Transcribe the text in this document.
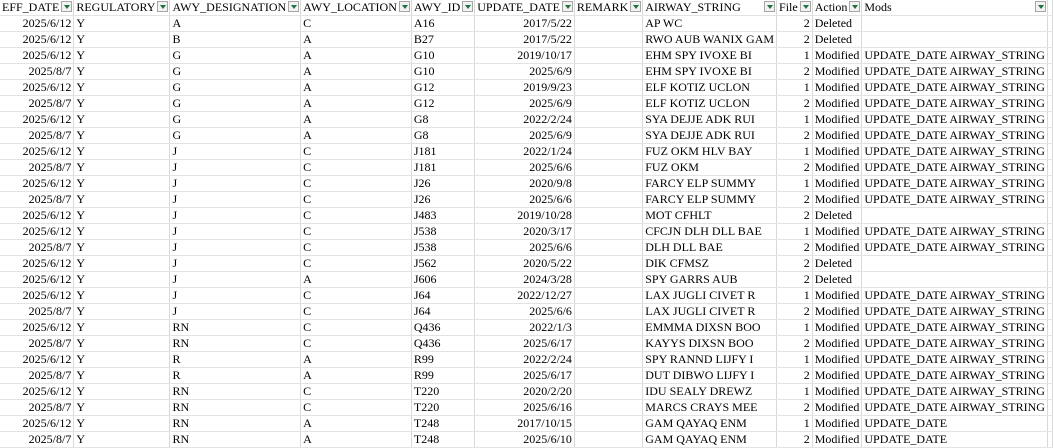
EFF_DATE	REGULATORY	AWY_DESIGNATION	AWY_LOCATION	AWY_ID	UPDATE_DATE	REMARK	AIRWAY_STRING	File	Action	Mods	

2025/6/12	Y	A	C	A16	2017/5/22		AP WC	2	Deleted		
2025/6/12	Y	B	A	B27	2017/5/22		RWO AUB WANIX GAM	2	Deleted		
2025/6/12	Y	G	A	G10	2019/10/17		EHM SPY IVOXE BI	1	Modified	UPDATE_DATE AIRWAY_STRING	
2025/8/7	Y	G	A	G10	2025/6/9		EHM SPY IVOXE BI	2	Modified	UPDATE_DATE AIRWAY_STRING	
2025/6/12	Y	G	A	G12	2019/9/23		ELF KOTIZ UCLON	1	Modified	UPDATE_DATE AIRWAY_STRING	
2025/8/7	Y	G	A	G12	2025/6/9		ELF KOTIZ UCLON	2	Modified	UPDATE_DATE AIRWAY_STRING	
2025/6/12	Y	G	A	G8	2022/2/24		SYA DEJJE ADK RUI	1	Modified	UPDATE_DATE AIRWAY_STRING	
2025/8/7	Y	G	A	G8	2025/6/9		SYA DEJJE ADK RUI	2	Modified	UPDATE_DATE AIRWAY_STRING	
2025/6/12	Y	J	C	J181	2022/1/24		FUZ OKM HLV BAY	1	Modified	UPDATE_DATE AIRWAY_STRING	
2025/8/7	Y	J	C	J181	2025/6/6		FUZ OKM	2	Modified	UPDATE_DATE AIRWAY_STRING	
2025/6/12	Y	J	C	J26	2020/9/8		FARCY ELP SUMMY	1	Modified	UPDATE_DATE AIRWAY_STRING	
2025/8/7	Y	J	C	J26	2025/6/6		FARCY ELP SUMMY	2	Modified	UPDATE_DATE AIRWAY_STRING	
2025/6/12	Y	J	C	J483	2019/10/28		MOT CFHLT	2	Deleted		
2025/6/12	Y	J	C	J538	2020/3/17		CFCJN DLH DLL BAE	1	Modified	UPDATE_DATE AIRWAY_STRING	
2025/8/7	Y	J	C	J538	2025/6/6		DLH DLL BAE	2	Modified	UPDATE_DATE AIRWAY_STRING	
2025/6/12	Y	J	C	J562	2020/5/22		DIK CFMSZ	2	Deleted		
2025/6/12	Y	J	A	J606	2024/3/28		SPY GARRS AUB	2	Deleted		
2025/6/12	Y	J	C	J64	2022/12/27		LAX JUGLI CIVET R	1	Modified	UPDATE_DATE AIRWAY_STRING	
2025/8/7	Y	J	C	J64	2025/6/6		LAX JUGLI CIVET R	2	Modified	UPDATE_DATE AIRWAY_STRING	
2025/6/12	Y	RN	C	Q436	2022/1/3		EMMMA DIXSN BOO	1	Modified	UPDATE_DATE AIRWAY_STRING	
2025/8/7	Y	RN	C	Q436	2025/6/17		KAYYS DIXSN BOO	2	Modified	UPDATE_DATE AIRWAY_STRING	
2025/6/12	Y	R	A	R99	2022/2/24		SPY RANND LIJFY I	1	Modified	UPDATE_DATE AIRWAY_STRING	
2025/8/7	Y	R	A	R99	2025/6/17		DUT DIBWO LIJFY I	2	Modified	UPDATE_DATE AIRWAY_STRING	
2025/6/12	Y	RN	C	T220	2020/2/20		IDU SEALY DREWZ	1	Modified	UPDATE_DATE AIRWAY_STRING	
2025/8/7	Y	RN	C	T220	2025/6/16		MARCS CRAYS MEE	2	Modified	UPDATE_DATE AIRWAY_STRING	
2025/6/12	Y	RN	A	T248	2017/10/15		GAM QAYAQ ENM	1	Modified	UPDATE_DATE	
2025/8/7	Y	RN	A	T248	2025/6/10		GAM QAYAQ ENM	2	Modified	UPDATE_DATE	
